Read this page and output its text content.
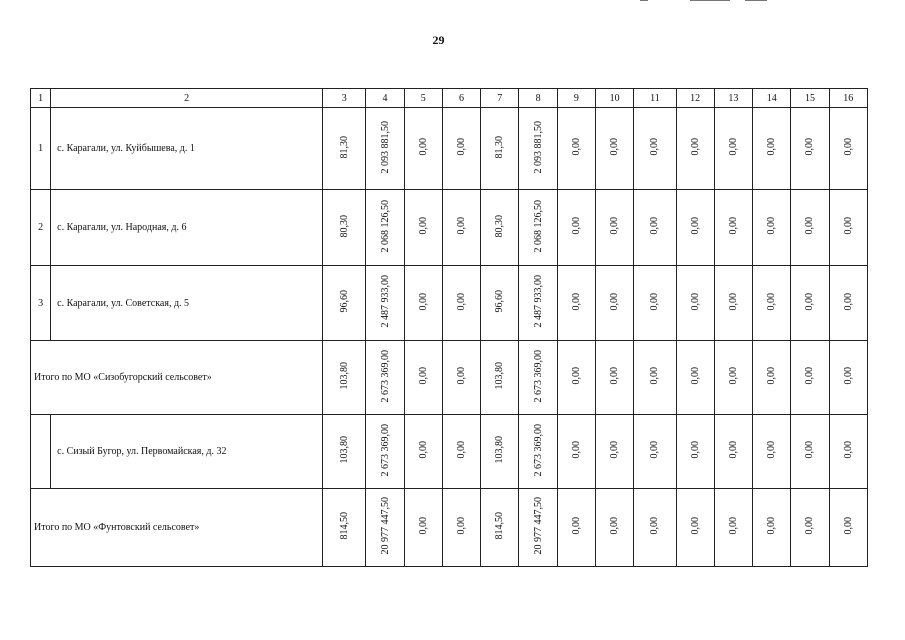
29
1	2	3	4	5	6	7	8	9	10	11	12	13	14	15	16
1	с. Карагали, ул. Куйбышева, д. 1	81,30	2 093 881,50	0,00	0,00	81,30	2 093 881,50	0,00	0,00	0,00	0,00	0,00	0,00	0,00	0,00
2	с. Карагали, ул. Народная, д. 6	80,30	2 068 126,50	0,00	0,00	80,30	2 068 126,50	0,00	0,00	0,00	0,00	0,00	0,00	0,00	0,00
3	с. Карагали, ул. Советская, д. 5	96,60	2 487 933,00	0,00	0,00	96,60	2 487 933,00	0,00	0,00	0,00	0,00	0,00	0,00	0,00	0,00
Итого по МО «Сизобугорский сельсовет»		103,80	2 673 369,00	0,00	0,00	103,80	2 673 369,00	0,00	0,00	0,00	0,00	0,00	0,00	0,00	0,00
	с. Сизый Бугор, ул. Первомайская, д. 32	103,80	2 673 369,00	0,00	0,00	103,80	2 673 369,00	0,00	0,00	0,00	0,00	0,00	0,00	0,00	0,00
Итого по МО «Фунтовский сельсовет»		814,50	20 977 447,50	0,00	0,00	814,50	20 977 447,50	0,00	0,00	0,00	0,00	0,00	0,00	0,00	0,00
